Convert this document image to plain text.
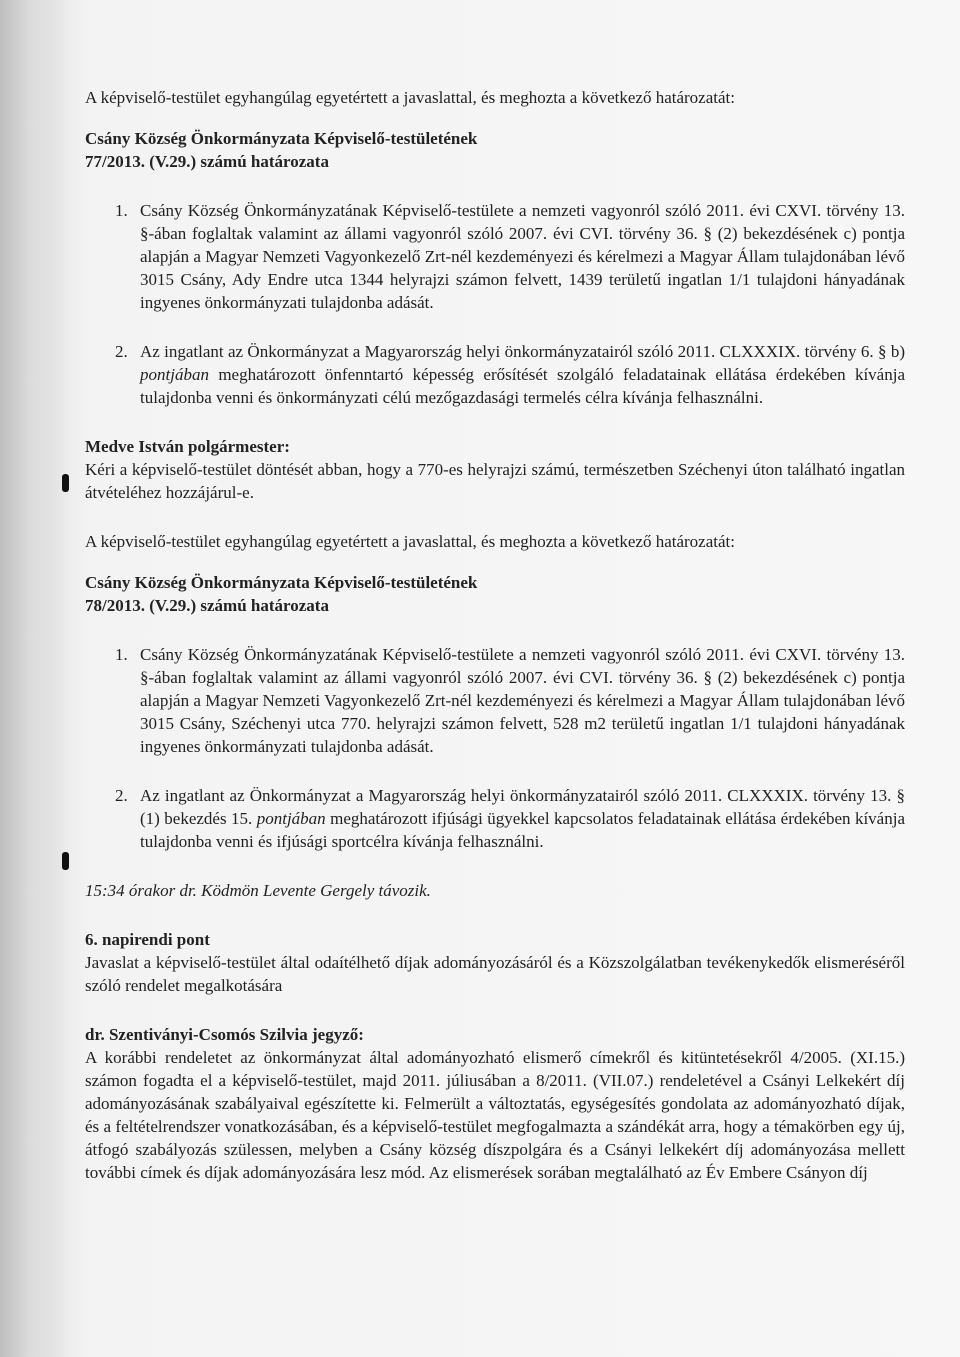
A képviselő-testület egyhangúlag egyetértett a javaslattal, és meghozta a következő határozatát:

Csány Község Önkormányzata Képviselő-testületének

77/2013. (V.29.) számú határozata

1. Csány Község Önkormányzatának Képviselő-testülete a nemzeti vagyonról szóló 2011. évi CXVI. törvény 13. §-ában foglaltak valamint az állami vagyonról szóló 2007. évi CVI. törvény 36. § (2) bekezdésének c) pontja alapján a Magyar Nemzeti Vagyonkezelő Zrt-nél kezdeményezi és kérelmezi a Magyar Állam tulajdonában lévő 3015 Csány, Ady Endre utca 1344 helyrajzi számon felvett, 1439 területű ingatlan 1/1 tulajdoni hányadának ingyenes önkormányzati tulajdonba adását.
2. Az ingatlant az Önkormányzat a Magyarország helyi önkormányzatairól szóló 2011. CLXXXIX. törvény 6. § b) pontjában meghatározott önfenntartó képesség erősítését szolgáló feladatainak ellátása érdekében kívánja tulajdonba venni és önkormányzati célú mezőgazdasági termelés célra kívánja felhasználni.

Medve István polgármester:

Kéri a képviselő-testület döntését abban, hogy a 770-es helyrajzi számú, természetben Széchenyi úton található ingatlan átvételéhez hozzájárul-e.

A képviselő-testület egyhangúlag egyetértett a javaslattal, és meghozta a következő határozatát:

Csány Község Önkormányzata Képviselő-testületének

78/2013. (V.29.) számú határozata

1. Csány Község Önkormányzatának Képviselő-testülete a nemzeti vagyonról szóló 2011. évi CXVI. törvény 13. §-ában foglaltak valamint az állami vagyonról szóló 2007. évi CVI. törvény 36. § (2) bekezdésének c) pontja alapján a Magyar Nemzeti Vagyonkezelő Zrt-nél kezdeményezi és kérelmezi a Magyar Állam tulajdonában lévő 3015 Csány, Széchenyi utca 770. helyrajzi számon felvett, 528 m2 területű ingatlan 1/1 tulajdoni hányadának ingyenes önkormányzati tulajdonba adását.
2. Az ingatlant az Önkormányzat a Magyarország helyi önkormányzatairól szóló 2011. CLXXXIX. törvény 13. § (1) bekezdés 15. pontjában meghatározott ifjúsági ügyekkel kapcsolatos feladatainak ellátása érdekében kívánja tulajdonba venni és ifjúsági sportcélra kívánja felhasználni.

15:34 órakor dr. Ködmön Levente Gergely távozik.

6. napirendi pont

Javaslat a képviselő-testület által odaítélhető díjak adományozásáról és a Közszolgálatban tevékenykedők elismeréséről szóló rendelet megalkotására

dr. Szentiványi-Csomós Szilvia jegyző:

A korábbi rendeletet az önkormányzat által adományozható elismerő címekről és kitüntetésekről 4/2005. (XI.15.) számon fogadta el a képviselő-testület, majd 2011. júliusában a 8/2011. (VII.07.) rendeletével a Csányi Lelkekért díj adományozásának szabályaival egészítette ki. Felmerült a változtatás, egységesítés gondolata az adományozható díjak, és a feltételrendszer vonatkozásában, és a képviselő-testület megfogalmazta a szándékát arra, hogy a témakörben egy új, átfogó szabályozás szülessen, melyben a Csány község díszpolgára és a Csányi lelkekért díj adományozása mellett további címek és díjak adományozására lesz mód. Az elismerések sorában megtalálható az Év Embere Csányon díj
